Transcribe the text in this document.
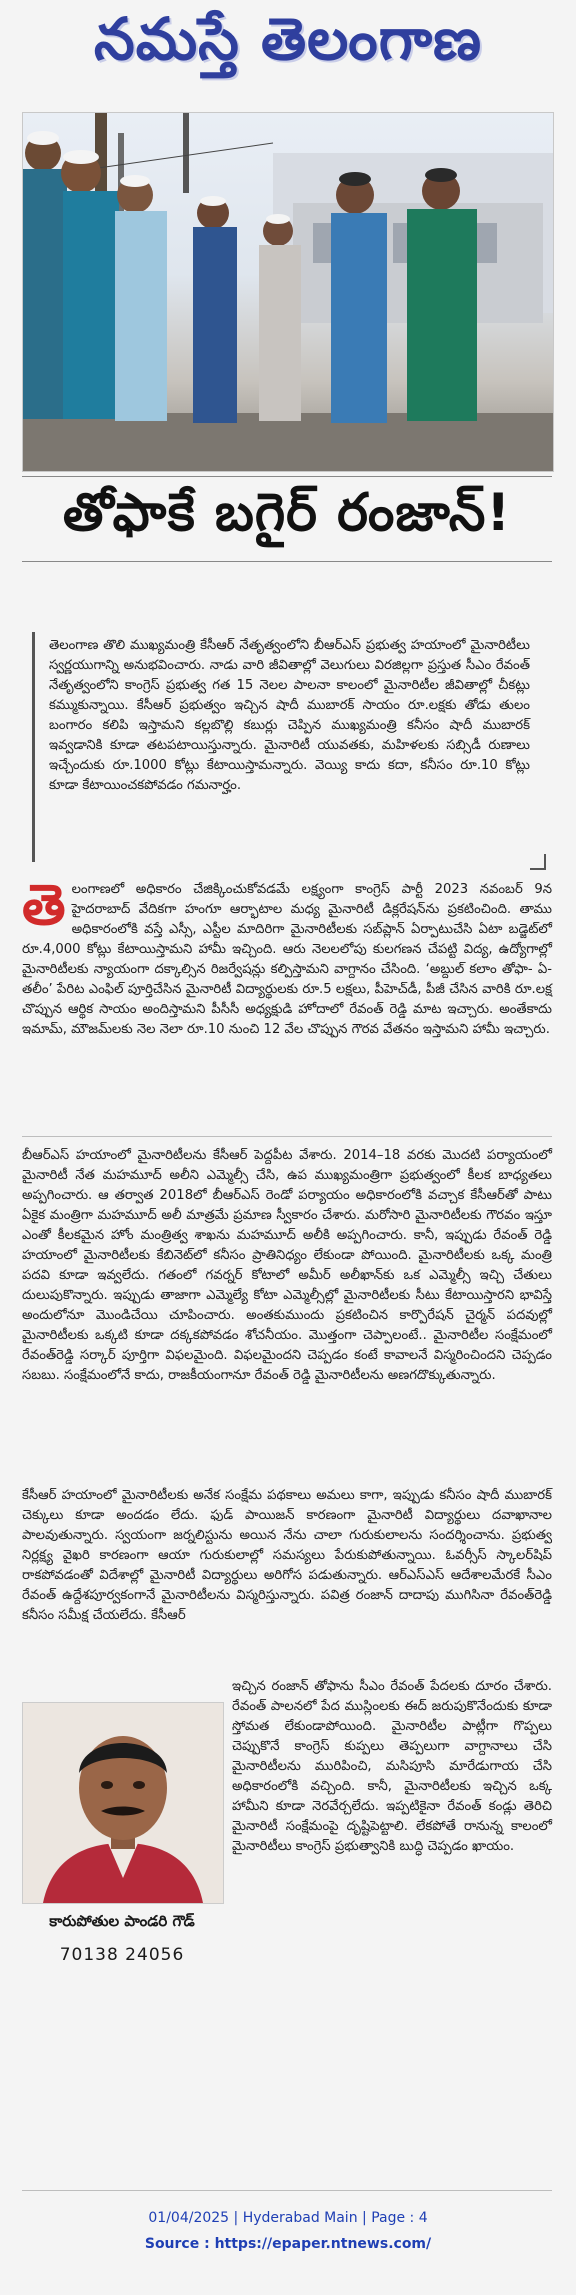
నమస్తే తెలంగాణ
తోఫాకే బగైర్ రంజాన్!
తెలంగాణ తొలి ముఖ్యమంత్రి కేసీఆర్ నేతృత్వంలోని బీఆర్ఎస్ ప్రభుత్వ హయాంలో మైనారిటీలు స్వర్ణయుగాన్ని అనుభవించారు. నాడు వారి జీవితాల్లో వెలుగులు విరజిల్లగా ప్రస్తుత సీఎం రేవంత్ నేతృత్వంలోని కాంగ్రెస్ ప్రభుత్వ గత 15 నెలల పాలనా కాలంలో మైనారిటీల జీవితాల్లో చీకట్లు కమ్ముకున్నాయి. కేసీఆర్ ప్రభుత్వం ఇచ్చిన షాదీ ముబారక్ సాయం రూ.లక్షకు తోడు తులం బంగారం కలిపి ఇస్తామని కల్లబొల్లి కబుర్లు చెప్పిన ముఖ్యమంత్రి కనీసం షాదీ ముబారక్ ఇవ్వడానికి కూడా తటపటాయిస్తున్నారు. మైనారిటీ యువతకు, మహిళలకు సబ్సిడీ రుణాలు ఇచ్చేందుకు రూ.1000 కోట్లు కేటాయిస్తామన్నారు. వెయ్యి కాదు కదా, కనీసం రూ.10 కోట్లు కూడా కేటాయించకపోవడం గమనార్హం.
తె లంగాణలో అధికారం చేజిక్కించుకోవడమే లక్ష్యంగా కాంగ్రెస్ పార్టీ 2023 నవంబర్ 9న హైదరాబాద్ వేదికగా హంగూ ఆర్భాటాల మధ్య మైనారిటీ డిక్లరేషన్‌ను ప్రకటించింది. తాము అధికారంలోకి వస్తే ఎస్సీ, ఎస్టీల మాదిరిగా మైనారిటీలకు సబ్‌ప్లాన్ ఏర్పాటుచేసి ఏటా బడ్జెట్‌లో రూ.4,000 కోట్లు కేటాయిస్తామని హామీ ఇచ్చింది. ఆరు నెలలలోపు కులగణన చేపట్టి విద్య, ఉద్యోగాల్లో మైనారిటీలకు న్యాయంగా దక్కాల్సిన రిజర్వేషన్లు కల్పిస్తామని వాగ్దానం చేసింది. ‘అబ్దుల్ కలాం తోఫా- ఏ- తలీం’ పేరిట ఎంఫిల్ పూర్తిచేసిన మైనారిటీ విద్యార్థులకు రూ.5 లక్షలు, పీహెచ్‌డీ, పీజీ చేసిన వారికి రూ.లక్ష చొప్పున ఆర్థిక సాయం అందిస్తామని పీసీసీ అధ్యక్షుడి హోదాలో రేవంత్ రెడ్డి మాట ఇచ్చారు. అంతేకాదు ఇమామ్, మౌజమ్‌లకు నెల నెలా రూ.10 నుంచి 12 వేల చొప్పున గౌరవ వేతనం ఇస్తామని హామీ ఇచ్చారు.
బీఆర్ఎస్ హయాంలో మైనారిటీలను కేసీఆర్ పెద్దపీట వేశారు. 2014–18 వరకు మొదటి పర్యాయంలో మైనారిటీ నేత మహమూద్ అలీని ఎమ్మెల్సీ చేసి, ఉప ముఖ్యమంత్రిగా ప్రభుత్వంలో కీలక బాధ్యతలు అప్పగించారు. ఆ తర్వాత 2018లో బీఆర్ఎస్ రెండో పర్యాయం అధికారంలోకి వచ్చాక కేసీఆర్‌తో పాటు ఏకైక మంత్రిగా మహమూద్ అలీ మాత్రమే ప్రమాణ స్వీకారం చేశారు. మరోసారి మైనారిటీలకు గౌరవం ఇస్తూ ఎంతో కీలకమైన హోం మంత్రిత్వ శాఖను మహమూద్ అలీకి అప్పగించారు. కానీ, ఇప్పుడు రేవంత్ రెడ్డి హయాంలో మైనారిటీలకు కేబినెట్‌లో కనీసం ప్రాతినిధ్యం లేకుండా పోయింది. మైనారిటీలకు ఒక్క మంత్రి పదవి కూడా ఇవ్వలేదు. గతంలో గవర్నర్ కోటాలో అమీర్ అలీఖాన్‌కు ఒక ఎమ్మెల్సీ ఇచ్చి చేతులు దులుపుకొన్నారు. ఇప్పుడు తాజాగా ఎమ్మెల్యే కోటా ఎమ్మెల్సీల్లో మైనారిటీలకు సీటు కేటాయిస్తారని భావిస్తే అందులోనూ మొండిచేయి చూపించారు. అంతకుముందు ప్రకటించిన కార్పొరేషన్ చైర్మన్ పదవుల్లో మైనారిటీలకు ఒక్కటి కూడా దక్కకపోవడం శోచనీయం. మొత్తంగా చెప్పాలంటే.. మైనారిటీల సంక్షేమంలో రేవంత్‌రెడ్డి సర్కార్ పూర్తిగా విఫలమైంది. విఫలమైందని చెప్పడం కంటే కావాలనే విస్మరించిందని చెప్పడం సబబు. సంక్షేమంలోనే కాదు, రాజకీయంగానూ రేవంత్ రెడ్డి మైనారిటీలను అణగదొక్కుతున్నారు.
కేసీఆర్ హయాంలో మైనారిటీలకు అనేక సంక్షేమ పథకాలు అమలు కాగా, ఇప్పుడు కనీసం షాదీ ముబారక్ చెక్కులు కూడా అందడం లేదు. ఫుడ్ పాయిజన్ కారణంగా మైనారిటీ విద్యార్థులు దవాఖానాల పాలవుతున్నారు. స్వయంగా జర్నలిస్టును అయిన నేను చాలా గురుకులాలను సందర్శించాను. ప్రభుత్వ నిర్లక్ష్య వైఖరి కారణంగా ఆయా గురుకులాల్లో సమస్యలు పేరుకుపోతున్నాయి. ఓవర్సీస్ స్కాలర్‌షిప్ రాకపోవడంతో విదేశాల్లో మైనారిటీ విద్యార్థులు అరిగోస పడుతున్నారు. ఆర్‌ఎస్ఎస్ ఆదేశాలమేరకే సీఎం రేవంత్ ఉద్దేశపూర్వకంగానే మైనారిటీలను విస్మరిస్తున్నారు. పవిత్ర రంజాన్ దాదాపు ముగిసినా రేవంత్‌రెడ్డి కనీసం సమీక్ష చేయలేదు. కేసీఆర్
కారుపోతుల పాండరి గౌడ్
70138 24056
ఇచ్చిన రంజాన్ తోఫాను సీఎం రేవంత్ పేదలకు దూరం చేశారు. రేవంత్ పాలనలో పేద ముస్లింలకు ఈద్ జరుపుకొనేందుకు కూడా స్తోమత లేకుండాపోయింది. మైనారిటీల పాట్లీగా గొప్పలు చెప్పుకొనే కాంగ్రెస్ కుప్పలు తెప్పలుగా వాగ్దానాలు చేసి మైనారిటీలను మురిపించి, మసిపూసి మారేడుగాయ చేసి అధికారంలోకి వచ్చింది. కానీ, మైనారిటీలకు ఇచ్చిన ఒక్క హామీని కూడా నెరవేర్చలేదు. ఇప్పటికైనా రేవంత్ కండ్లు తెరిచి మైనారిటీ సంక్షేమంపై దృష్టిపెట్టాలి. లేకపోతే రానున్న కాలంలో మైనారిటీలు కాంగ్రెస్ ప్రభుత్వానికి బుద్ధి చెప్పడం ఖాయం.
01/04/2025 | Hyderabad Main | Page : 4
Source : https://epaper.ntnews.com/
